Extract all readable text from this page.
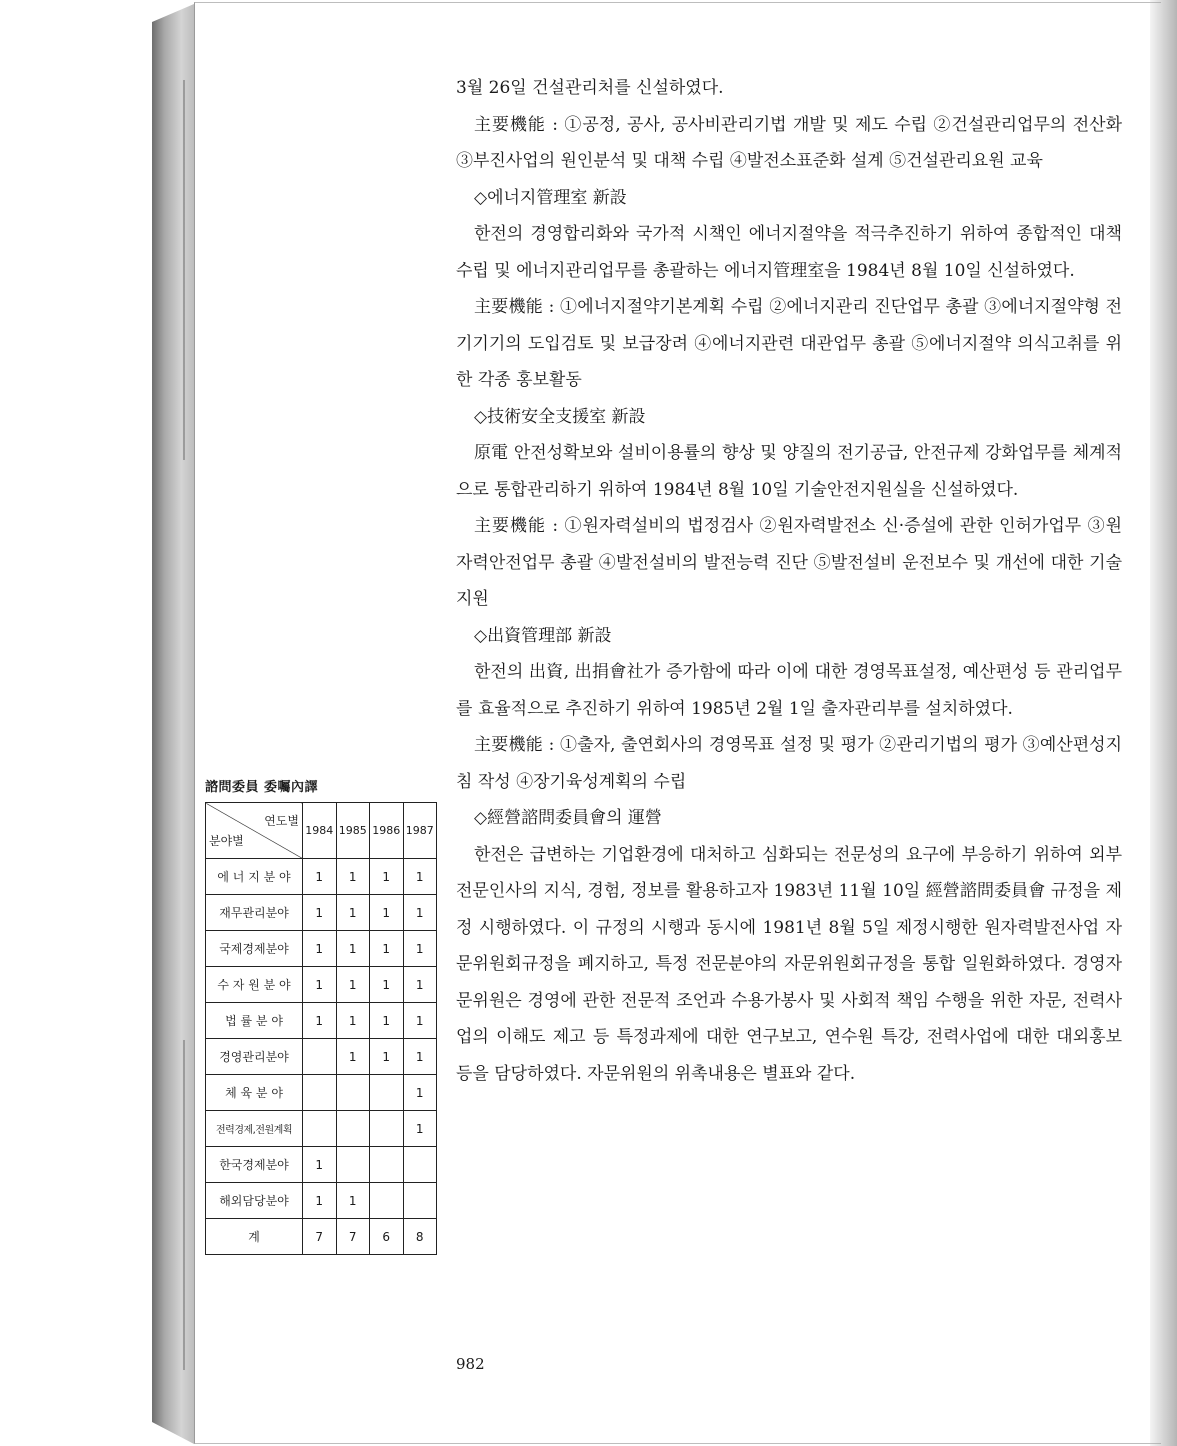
3월 26일 건설관리처를 신설하였다.

主要機能 : ①공정, 공사, 공사비관리기법 개발 및 제도 수립 ②건설관리업무의 전산화 ③부진사업의 원인분석 및 대책 수립 ④발전소표준화 설계 ⑤건설관리요원 교육

◇에너지管理室 新設

한전의 경영합리화와 국가적 시책인 에너지절약을 적극추진하기 위하여 종합적인 대책수립 및 에너지관리업무를 총괄하는 에너지管理室을 1984년 8월 10일 신설하였다.

主要機能 : ①에너지절약기본계획 수립 ②에너지관리 진단업무 총괄 ③에너지절약형 전기기기의 도입검토 및 보급장려 ④에너지관련 대관업무 총괄 ⑤에너지절약 의식고취를 위한 각종 홍보활동

◇技術安全支援室 新設

原電 안전성확보와 설비이용률의 향상 및 양질의 전기공급, 안전규제 강화업무를 체계적으로 통합관리하기 위하여 1984년 8월 10일 기술안전지원실을 신설하였다.

主要機能 : ①원자력설비의 법정검사 ②원자력발전소 신·증설에 관한 인허가업무 ③원자력안전업무 총괄 ④발전설비의 발전능력 진단 ⑤발전설비 운전보수 및 개선에 대한 기술지원

◇出資管理部 新設

한전의 出資, 出捐會社가 증가함에 따라 이에 대한 경영목표설정, 예산편성 등 관리업무를 효율적으로 추진하기 위하여 1985년 2월 1일 출자관리부를 설치하였다.

主要機能 : ①출자, 출연회사의 경영목표 설정 및 평가 ②관리기법의 평가 ③예산편성지침 작성 ④장기육성계획의 수립

◇經營諮問委員會의 運營

한전은 급변하는 기업환경에 대처하고 심화되는 전문성의 요구에 부응하기 위하여 외부전문인사의 지식, 경험, 정보를 활용하고자 1983년 11월 10일 經營諮問委員會 규정을 제정 시행하였다. 이 규정의 시행과 동시에 1981년 8월 5일 제정시행한 원자력발전사업 자문위원회규정을 폐지하고, 특정 전문분야의 자문위원회규정을 통합 일원화하였다. 경영자문위원은 경영에 관한 전문적 조언과 수용가봉사 및 사회적 책임 수행을 위한 자문, 전력사업의 이해도 제고 등 특정과제에 대한 연구보고, 연수원 특강, 전력사업에 대한 대외홍보 등을 담당하였다. 자문위원의 위촉내용은 별표와 같다.

諮問委員 委囑內譯
연도별
분야별	1984	1985	1986	1987
에 너 지 분 야	1	1	1	1
재무관리분야	1	1	1	1
국제경제분야	1	1	1	1
수 자 원 분 야	1	1	1	1
법 률 분 야	1	1	1	1
경영관리분야		1	1	1
체 육 분 야				1
전력경제,전원계획				1
한국경제분야	1			
해외담당분야	1	1		
계	7	7	6	8
982
